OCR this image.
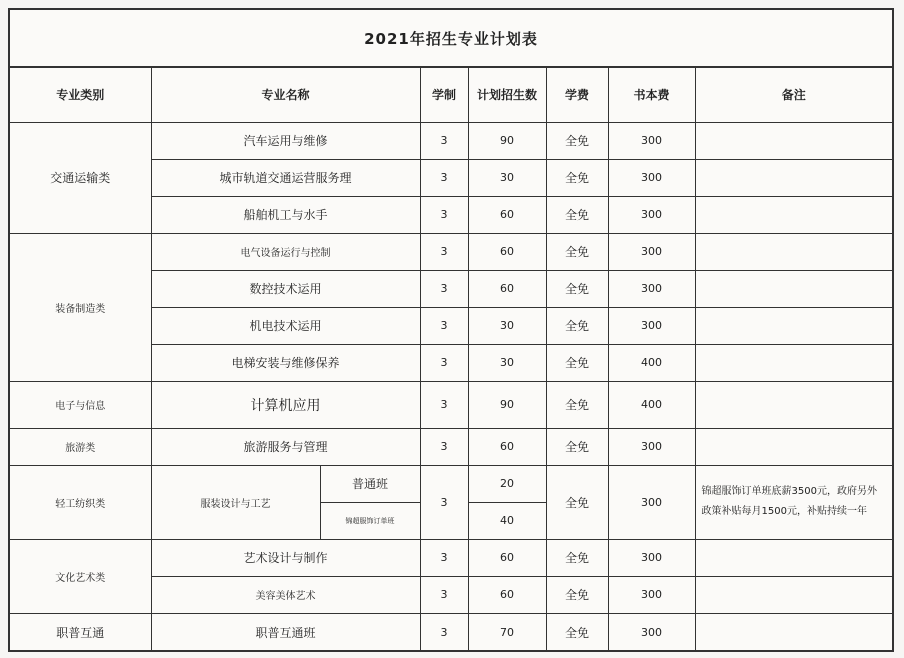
2021年招生专业计划表
专业类别	专业名称		学制	计划招生数	学费	书本费	备注
交通运输类	汽车运用与维修		3	90	全免	300	
	城市轨道交通运营服务理		3	30	全免	300	
	船舶机工与水手		3	60	全免	300	
装备制造类	电气设备运行与控制		3	60	全免	300	
	数控技术运用		3	60	全免	300	
	机电技术运用		3	30	全免	300	
	电梯安装与维修保养		3	30	全免	400	
电子与信息	计算机应用		3	90	全免	400	
旅游类	旅游服务与管理		3	60	全免	300	
轻工纺织类	服装设计与工艺	普通班	3	20	全免	300	锦超服饰订单班底薪3500元，政府另外政策补贴每月1500元，补贴持续一年
		锦超服饰订单班		40			
文化艺术类	艺术设计与制作		3	60	全免	300	
	美容美体艺术		3	60	全免	300	
职普互通	职普互通班		3	70	全免	300	
